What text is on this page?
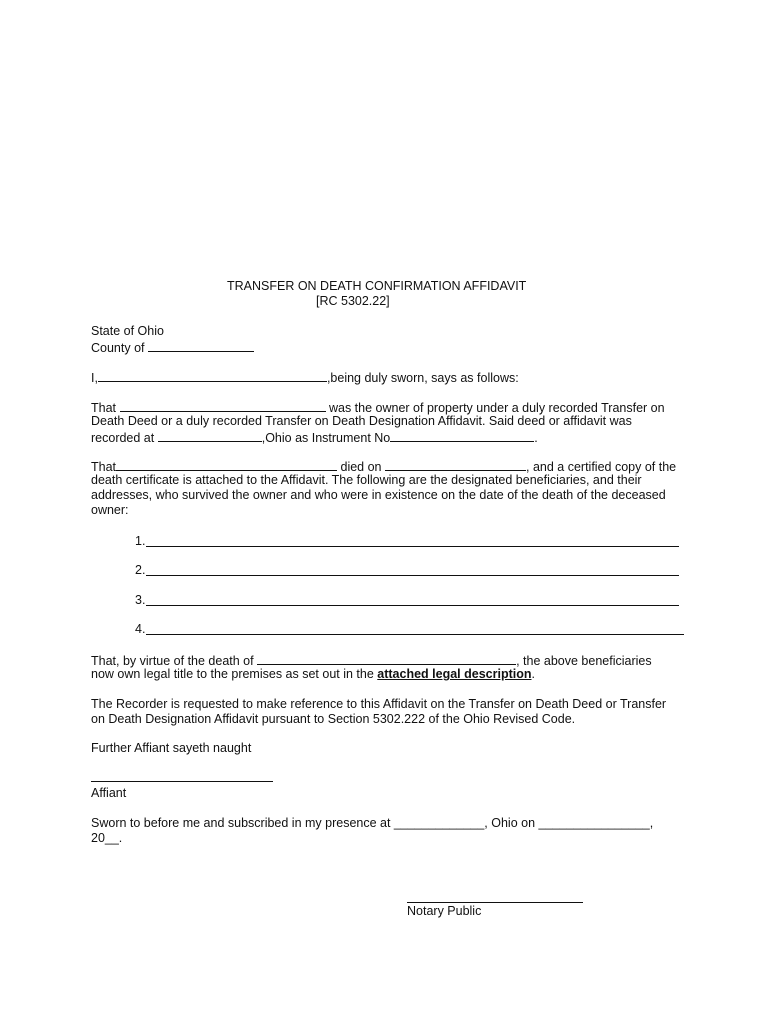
TRANSFER ON DEATH CONFIRMATION AFFIDAVIT
[RC 5302.22]
State of Ohio
County of
I,	,being duly sworn, says as follows:
That	was the owner of property under a duly recorded Transfer on
Death Deed or a duly recorded Transfer on Death Designation Affidavit. Said deed or affidavit was
recorded at	,Ohio as Instrument No	.
That	died on	, and a certified copy of the
death certificate is attached to the Affidavit. The following are the designated beneficiaries, and their
addresses, who survived the owner and who were in existence on the date of the death of the deceased
owner:
1.
2.
3.
4.
That, by virtue of the death of	, the above beneficiaries
now own legal title to the premises as set out in the attached legal description.
The Recorder is requested to make reference to this Affidavit on the Transfer on Death Deed or Transfer
on Death Designation Affidavit pursuant to Section 5302.222 of the Ohio Revised Code.
Further Affiant sayeth naught
Affiant
Sworn to before me and subscribed in my presence at _____________, Ohio on ________________,
20__.
Notary Public
